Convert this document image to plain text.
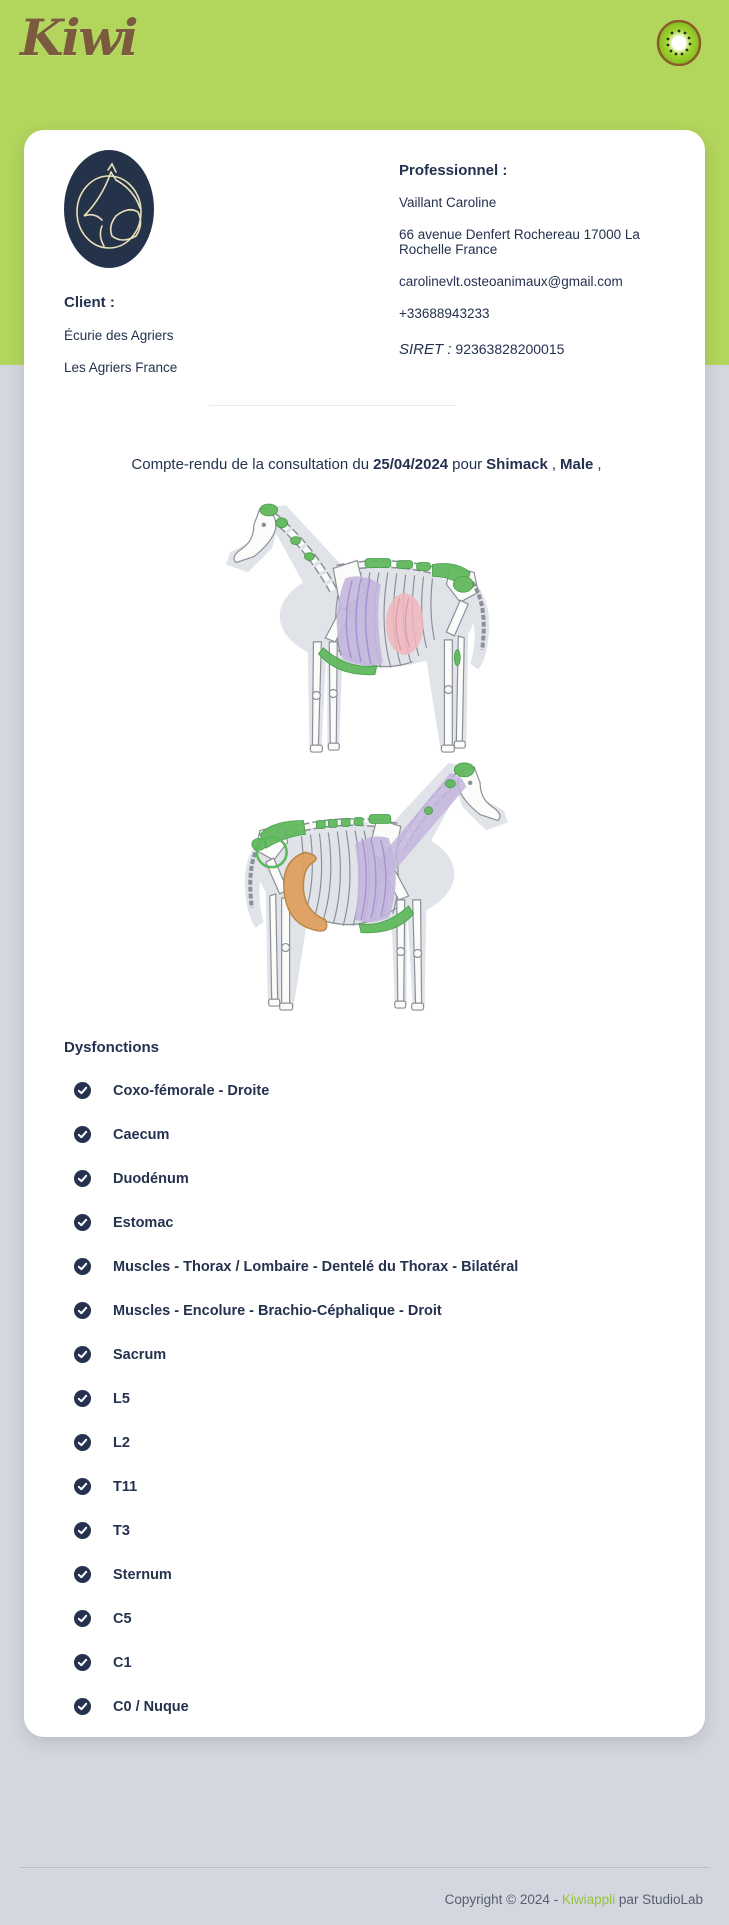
Kiwi

Client :

Écurie des Agriers

Les Agriers France

Professionnel :

Vaillant Caroline

66 avenue Denfert Rochereau 17000 La Rochelle France

carolinevlt.osteoanimaux@gmail.com

+33688943233

SIRET : 92363828200015

Compte-rendu de la consultation du 25/04/2024 pour Shimack , Male ,

Dysfonctions
Coxo-fémorale - Droite
Caecum
Duodénum
Estomac
Muscles - Thorax / Lombaire - Dentelé du Thorax - Bilatéral
Muscles - Encolure - Brachio-Céphalique - Droit
Sacrum
L5
L2
T11
T3
Sternum
C5
C1
C0 / Nuque

Copyright © 2024 - Kiwiappli par StudioLab
